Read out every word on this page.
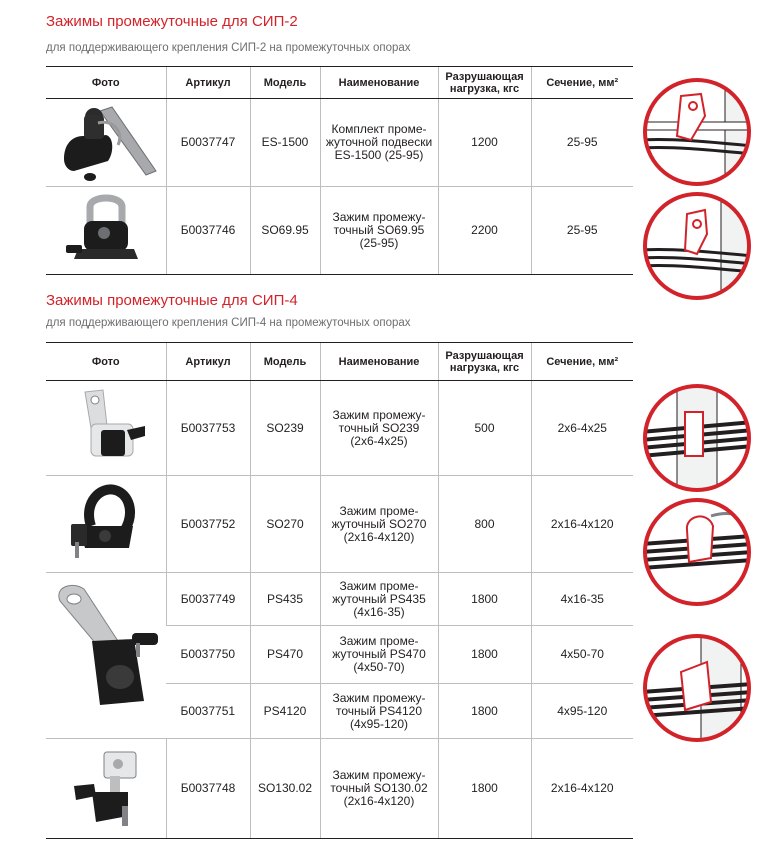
Зажимы промежуточные для СИП-2

для поддерживающего крепления СИП-2 на промежуточных опорах

Фото	Артикул	Модель	Наименование	Разрушающая нагрузка, кгс	Сечение, мм²

	Б0037747	ES-1500	Комплект проме-жуточной подвески ES-1500 (25-95)	1200	25-95

	Б0037746	SO69.95	Зажим промежу-точный SO69.95 (25-95)	2200	25-95
Зажимы промежуточные для СИП-4

для поддерживающего крепления СИП-4 на промежуточных опорах

Фото	Артикул	Модель	Наименование	Разрушающая нагрузка, кгс	Сечение, мм²

	Б0037753	SO239	Зажим промежу-точный SO239 (2х6-4х25)	500	2х6-4х25

	Б0037752	SO270	Зажим проме-жуточный SO270 (2х16-4х120)	800	2х16-4х120

	Б0037749	PS435	Зажим проме-жуточный PS435 (4х16-35)	1800	4х16-35
	Б0037750	PS470	Зажим проме-жуточный PS470 (4х50-70)	1800	4х50-70
	Б0037751	PS4120	Зажим промежу-точный PS4120 (4х95-120)	1800	4х95-120

	Б0037748	SO130.02	Зажим промежу-точный SO130.02 (2х16-4х120)	1800	2х16-4х120
